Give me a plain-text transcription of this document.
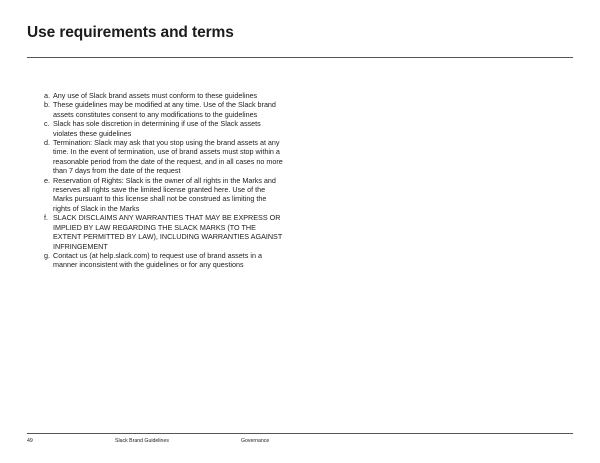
Use requirements and terms
a. Any use of Slack brand assets must conform to these guidelines
b. These guidelines may be modified at any time. Use of the Slack brand assets constitutes consent to any modifications to the guidelines
c. Slack has sole discretion in determining if use of the Slack assets violates these guidelines
d. Termination: Slack may ask that you stop using the brand assets at any time. In the event of termination, use of brand assets must stop within a reasonable period from the date of the request, and in all cases no more than 7 days from the date of the request
e. Reservation of Rights: Slack is the owner of all rights in the Marks and reserves all rights save the limited license granted here. Use of the Marks pursuant to this license shall not be construed as limiting the rights of Slack in the Marks
f. SLACK DISCLAIMS ANY WARRANTIES THAT MAY BE EXPRESS OR IMPLIED BY LAW REGARDING THE SLACK MARKS (TO THE EXTENT PERMITTED BY LAW), INCLUDING WARRANTIES AGAINST INFRINGEMENT
g. Contact us (at help.slack.com) to request use of brand assets in a manner inconsistent with the guidelines or for any questions
49	Slack Brand Guidelines	Governance
